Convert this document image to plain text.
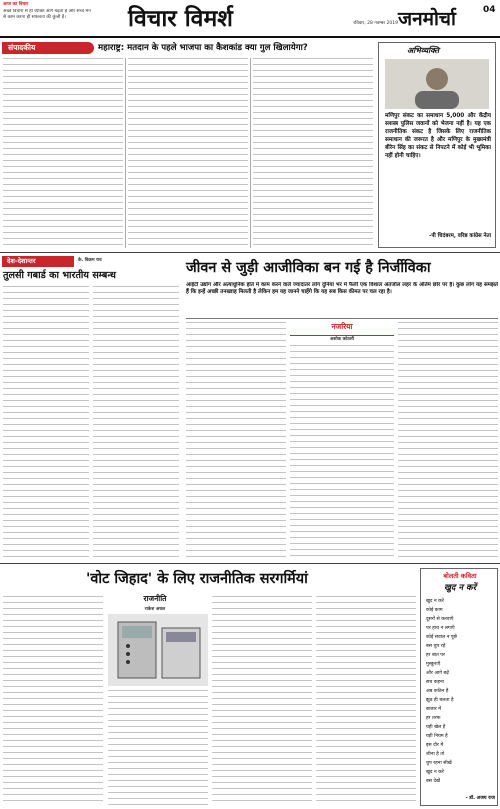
आज का विचार
अच्छे विचारों से ही व्यक्ति आगे बढ़ता है और सच्चे मन से काम करना ही सफलता की कुंजी है।	विचार विमर्श	रविवार, 28 नवम्बर 2019 जनमोर्चा	04
संपादकीय	महाराष्ट्र: मतदान के पहले भाजपा का कैशकांड क्या गुल खिलायेगा?	अभिव्यक्ति
मणिपुर संकट का समाधान 5,000 और केंद्रीय सशस्त्र पुलिस जवानों को भेजना नहीं है। यह एक राजनीतिक संकट है जिसके लिए राजनीतिक समाधान की जरूरत है और मणिपुर के मुख्यमंत्री बीरेन सिंह का संकट से निपटने में कोई भी भूमिका नहीं होनी चाहिए।
-पी चिदंबरम, वरिष्ठ कांग्रेस नेता
देश-देशान्तर	के. विक्रम राव
तुलसी गबार्ड का भारतीय सम्बन्ध	जीवन से जुड़ी आजीविका बन गई है निर्जीविका
आईटी उद्योग और अत्याधुनिक होते में काम करने वाले ज्यादातर लोग दुनिया भर में फैली एक विशाल अंतर्जाल लहर के अंतिम छोर पर हैं। कुछ लोग यह समझते हैं कि इन्हें अच्छी तनख्वाह मिलती है लेकिन हम यह जानने चाहेंगे कि यह सब किस कीमत पर चल रहा है।
नजरिया
अशोक कोठारी
'वोट जिहाद' के लिए राजनीतिक सरगर्मियां
राजनीति
राकेश अचल
बोलती कविता
खुद न करें
खुद न करें
कोई काम
दूसरों से करवाएँ
पर हाथ न लगाएँ
कोई सवाल न पूछें
बस चुप रहें
हर बात पर
मुस्कुराएँ
और आगे बढ़ें
सच कहना
अब कठिन है
झूठ ही चलता है
बाजार में
हर तरफ
यही खेल है
यही नियम है
इस दौर में
जीना है तो
चुप रहना सीखें
खुद न करें
बस देखें
- डॉ. अजय राज
